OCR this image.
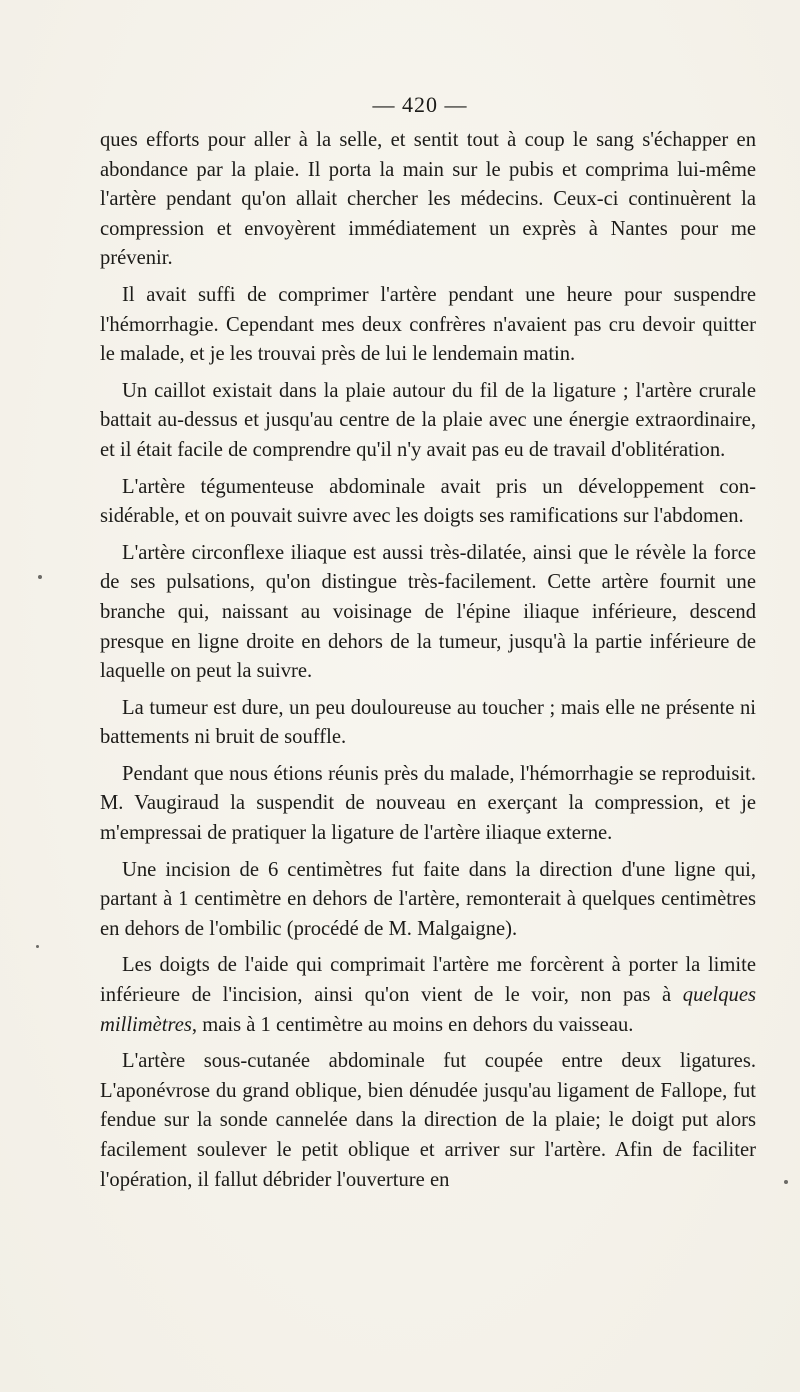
— 420 —

ques efforts pour aller à la selle, et sentit tout à coup le sang s'échapper en abondance par la plaie. Il porta la main sur le pubis et comprima lui-même l'artère pendant qu'on allait chercher les médecins. Ceux-ci continuèrent la compression et envoyèrent immédiatement un exprès à Nantes pour me prévenir.

Il avait suffi de comprimer l'artère pendant une heure pour suspendre l'hémorrhagie. Cependant mes deux confrères n'avaient pas cru devoir quitter le malade, et je les trouvai près de lui le lendemain matin.

Un caillot existait dans la plaie autour du fil de la ligature ; l'artère crurale battait au-dessus et jusqu'au centre de la plaie avec une énergie extraordinaire, et il était facile de comprendre qu'il n'y avait pas eu de travail d'oblitération.

L'artère tégumenteuse abdominale avait pris un développement considérable, et on pouvait suivre avec les doigts ses ramifications sur l'abdomen.

L'artère circonflexe iliaque est aussi très-dilatée, ainsi que le révèle la force de ses pulsations, qu'on distingue très-facilement. Cette artère fournit une branche qui, naissant au voisinage de l'épine iliaque inférieure, descend presque en ligne droite en dehors de la tumeur, jusqu'à la partie inférieure de laquelle on peut la suivre.

La tumeur est dure, un peu douloureuse au toucher ; mais elle ne présente ni battements ni bruit de souffle.

Pendant que nous étions réunis près du malade, l'hémorrhagie se reproduisit. M. Vaugiraud la suspendit de nouveau en exerçant la compression, et je m'empressai de pratiquer la ligature de l'artère iliaque externe.

Une incision de 6 centimètres fut faite dans la direction d'une ligne qui, partant à 1 centimètre en dehors de l'artère, remonterait à quelques centimètres en dehors de l'ombilic (procédé de M. Malgaigne).

Les doigts de l'aide qui comprimait l'artère me forcèrent à porter la limite inférieure de l'incision, ainsi qu'on vient de le voir, non pas à quelques millimètres, mais à 1 centimètre au moins en dehors du vaisseau.

L'artère sous-cutanée abdominale fut coupée entre deux ligatures. L'aponévrose du grand oblique, bien dénudée jusqu'au ligament de Fallope, fut fendue sur la sonde cannelée dans la direction de la plaie; le doigt put alors facilement soulever le petit oblique et arriver sur l'artère. Afin de faciliter l'opération, il fallut débrider l'ouverture en
